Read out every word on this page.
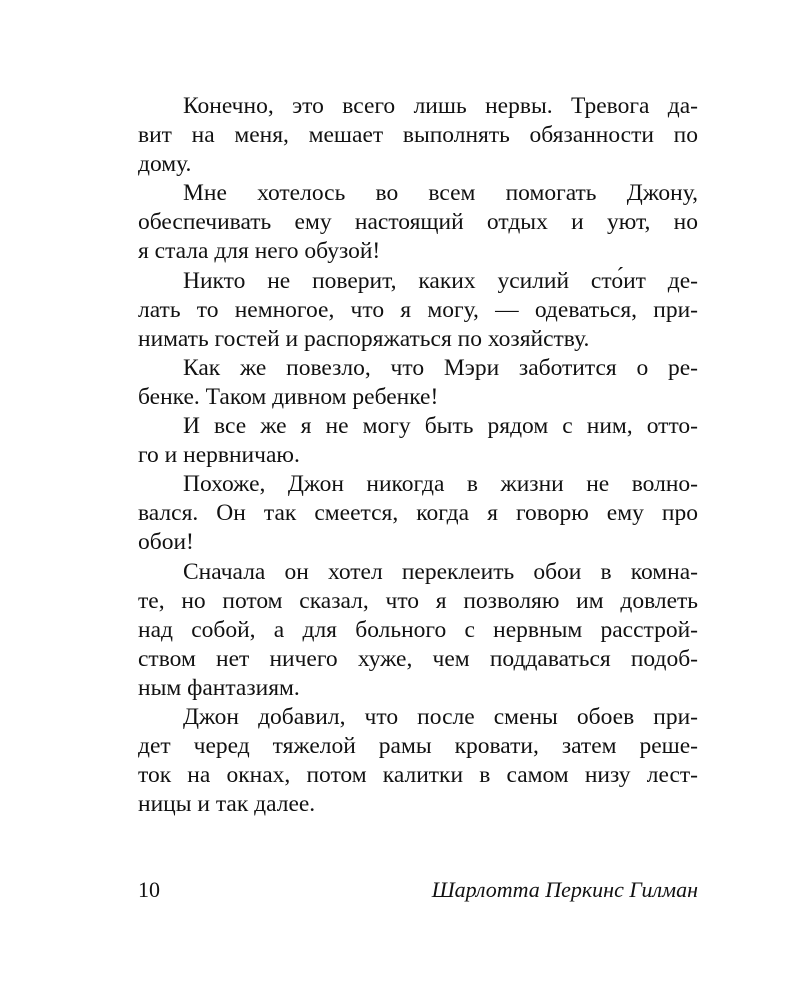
Конечно, это всего лишь нервы. Тревога да-
вит на меня, мешает выполнять обязанности по
дому.
Мне хотелось во всем помогать Джону,
обеспечивать ему настоящий отдых и уют, но
я стала для него обузой!
Никто не поверит, каких усилий сто́ит де-
лать то немногое, что я могу, — одеваться, при-
нимать гостей и распоряжаться по хозяйству.
Как же повезло, что Мэри заботится о ре-
бенке. Таком дивном ребенке!
И все же я не могу быть рядом с ним, отто-
го и нервничаю.
Похоже, Джон никогда в жизни не волно-
вался. Он так смеется, когда я говорю ему про
обои!
Сначала он хотел переклеить обои в комна-
те, но потом сказал, что я позволяю им довлеть
над собой, а для больного с нервным расстрой-
ством нет ничего хуже, чем поддаваться подоб-
ным фантазиям.
Джон добавил, что после смены обоев при-
дет черед тяжелой рамы кровати, затем реше-
ток на окнах, потом калитки в самом низу лест-
ницы и так далее.
10	Шарлотта Перкинс Гилман
